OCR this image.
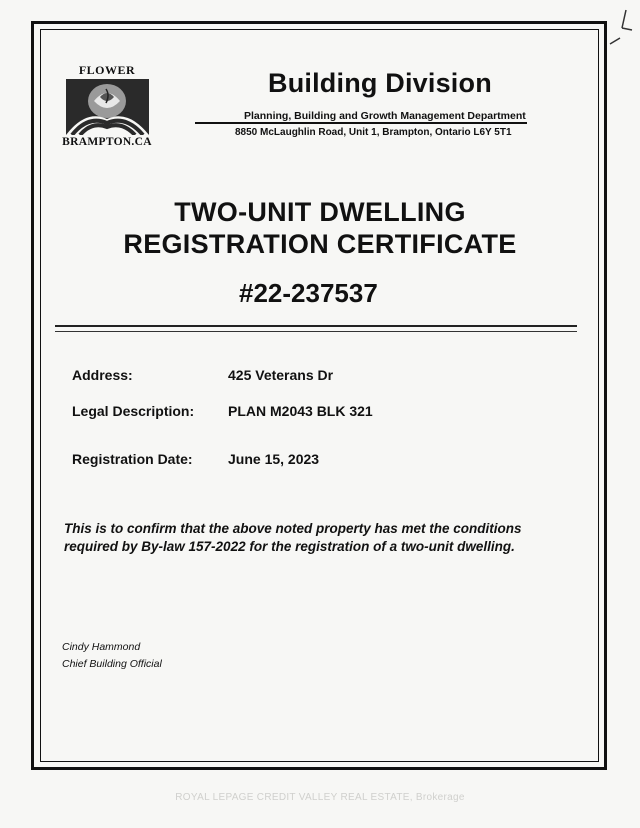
FLOWER
BRAMPTON.CA
Building Division
Planning, Building and Growth Management Department
8850 McLaughlin Road, Unit 1, Brampton, Ontario L6Y 5T1
TWO-UNIT DWELLING
REGISTRATION CERTIFICATE
#22-237537
Address:	425 Veterans Dr
Legal Description: PLAN M2043 BLK 321
Registration Date:	June 15, 2023
This is to confirm that the above noted property has met the conditions required by By-law 157-2022 for the registration of a two-unit dwelling.
Cindy Hammond
Chief Building Official
ROYAL LEPAGE CREDIT VALLEY REAL ESTATE, Brokerage
